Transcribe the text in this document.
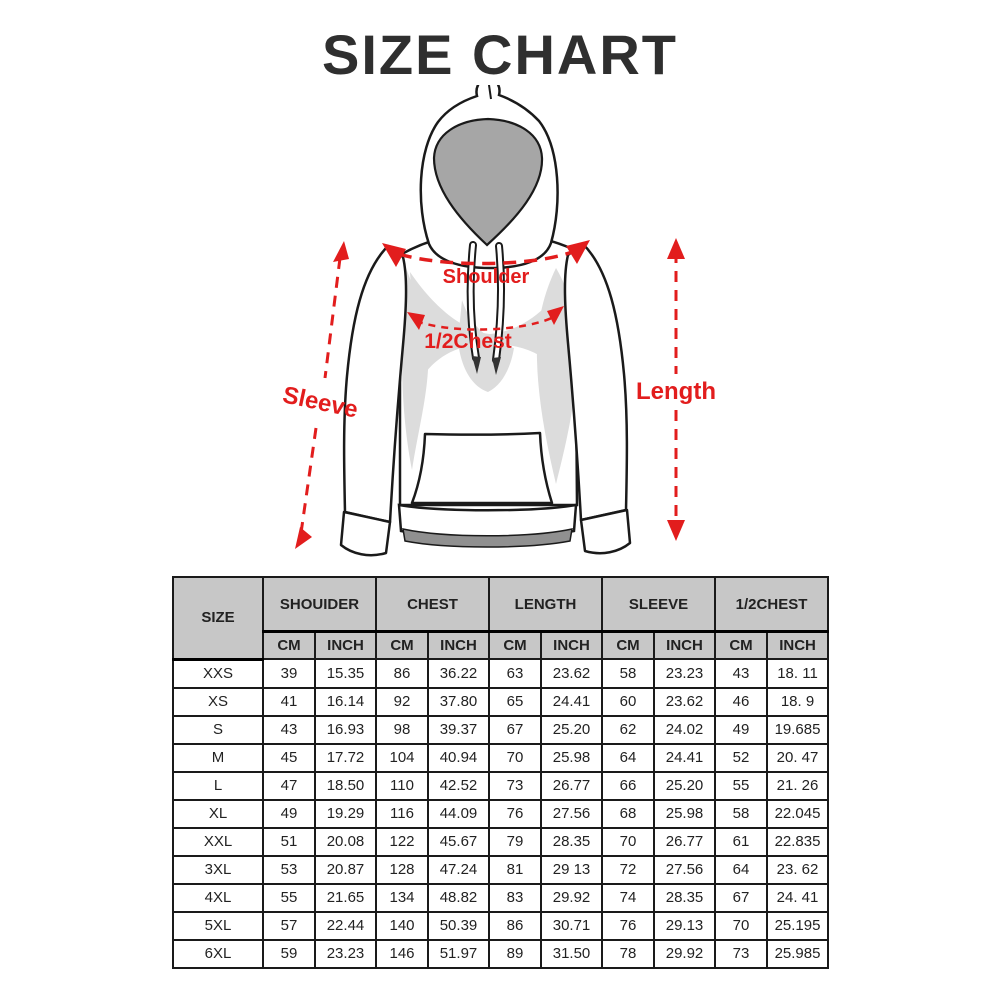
SIZE CHART
Shoulder
1/2Chest
Sleeve	Length
SIZE	SHOUIDER		CHEST		LENGTH		SLEEVE		1/2CHEST	
	CM	INCH	CM	INCH	CM	INCH	CM	INCH	CM	INCH
XXS	39	15.35	86	36.22	63	23.62	58	23.23	43	18. 11
XS	41	16.14	92	37.80	65	24.41	60	23.62	46	18. 9
S	43	16.93	98	39.37	67	25.20	62	24.02	49	19.685
M	45	17.72	104	40.94	70	25.98	64	24.41	52	20. 47
L	47	18.50	110	42.52	73	26.77	66	25.20	55	21. 26
XL	49	19.29	116	44.09	76	27.56	68	25.98	58	22.045
XXL	51	20.08	122	45.67	79	28.35	70	26.77	61	22.835
3XL	53	20.87	128	47.24	81	29 13	72	27.56	64	23. 62
4XL	55	21.65	134	48.82	83	29.92	74	28.35	67	24. 41
5XL	57	22.44	140	50.39	86	30.71	76	29.13	70	25.195
6XL	59	23.23	146	51.97	89	31.50	78	29.92	73	25.985
